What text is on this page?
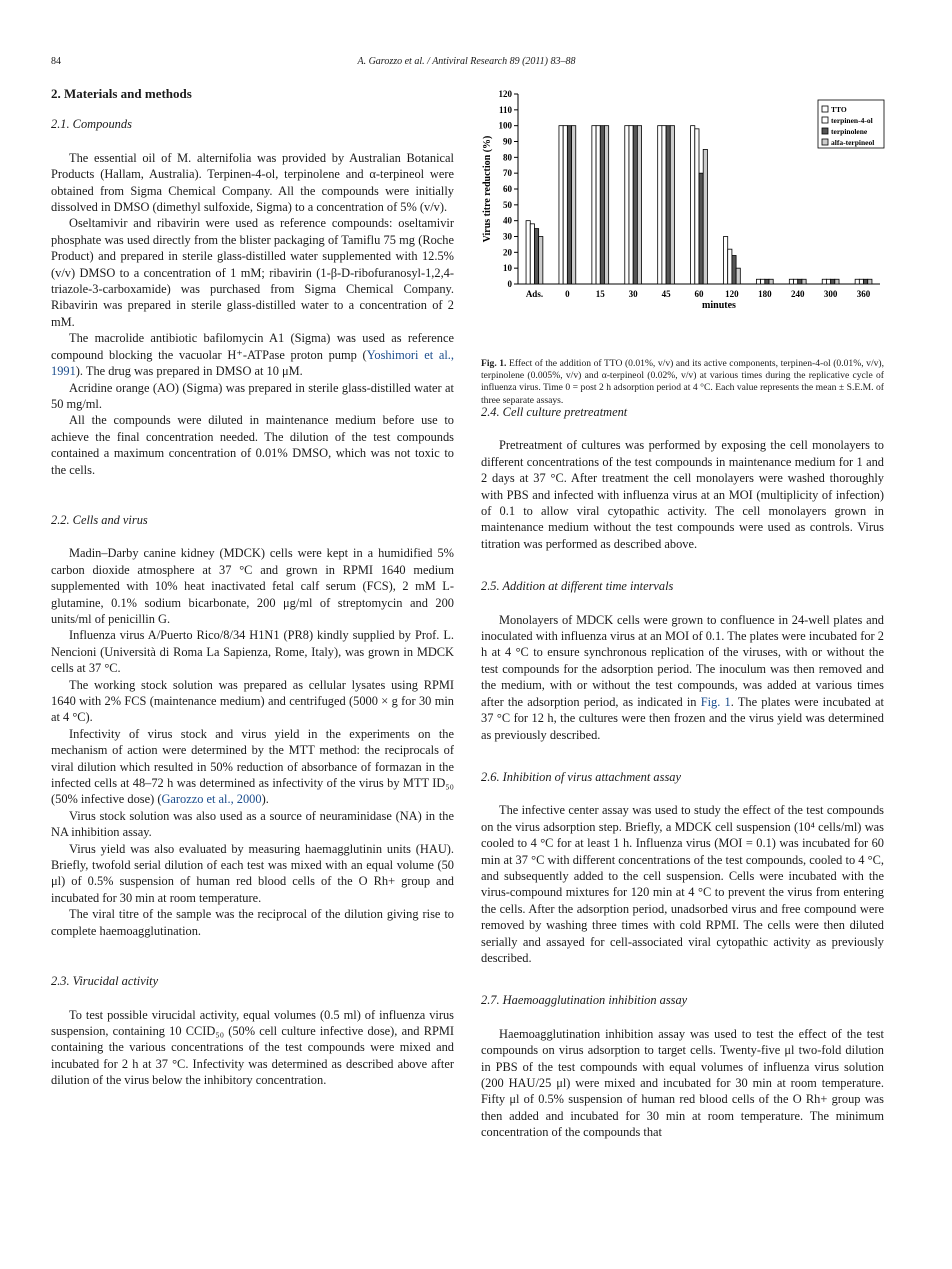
84	A. Garozzo et al. / Antiviral Research 89 (2011) 83–88
2. Materials and methods
2.1. Compounds

The essential oil of M. alternifolia was provided by Australian Botanical Products (Hallam, Australia). Terpinen-4-ol, terpinolene and α-terpineol were obtained from Sigma Chemical Company. All the compounds were initially dissolved in DMSO (dimethyl sulfoxide, Sigma) to a concentration of 5% (v/v).

Oseltamivir and ribavirin were used as reference compounds: oseltamivir phosphate was used directly from the blister packaging of Tamiflu 75 mg (Roche Product) and prepared in sterile glass-distilled water supplemented with 12.5% (v/v) DMSO to a concentration of 1 mM; ribavirin (1-β-D-ribofuranosyl-1,2,4-triazole-3-carboxamide) was purchased from Sigma Chemical Company. Ribavirin was prepared in sterile glass-distilled water to a concentration of 2 mM.

The macrolide antibiotic bafilomycin A1 (Sigma) was used as reference compound blocking the vacuolar H⁺-ATPase proton pump (Yoshimori et al., 1991). The drug was prepared in DMSO at 10 μM.

Acridine orange (AO) (Sigma) was prepared in sterile glass-distilled water at 50 mg/ml.

All the compounds were diluted in maintenance medium before use to achieve the final concentration needed. The dilution of the test compounds contained a maximum concentration of 0.01% DMSO, which was not toxic to the cells.

2.2. Cells and virus

Madin–Darby canine kidney (MDCK) cells were kept in a humidified 5% carbon dioxide atmosphere at 37 °C and grown in RPMI 1640 medium supplemented with 10% heat inactivated fetal calf serum (FCS), 2 mM L-glutamine, 0.1% sodium bicarbonate, 200 μg/ml of streptomycin and 200 units/ml of penicillin G.

Influenza virus A/Puerto Rico/8/34 H1N1 (PR8) kindly supplied by Prof. L. Nencioni (Università di Roma La Sapienza, Rome, Italy), was grown in MDCK cells at 37 °C.

The working stock solution was prepared as cellular lysates using RPMI 1640 with 2% FCS (maintenance medium) and centrifuged (5000 × g for 30 min at 4 °C).

Infectivity of virus stock and virus yield in the experiments on the mechanism of action were determined by the MTT method: the reciprocals of viral dilution which resulted in 50% reduction of absorbance of formazan in the infected cells at 48–72 h was determined as infectivity of the virus by MTT ID₅₀ (50% infective dose) (Garozzo et al., 2000).

Virus stock solution was also used as a source of neuraminidase (NA) in the NA inhibition assay.

Virus yield was also evaluated by measuring haemagglutinin units (HAU). Briefly, twofold serial dilution of each test was mixed with an equal volume (50 μl) of 0.5% suspension of human red blood cells of the O Rh+ group and incubated for 30 min at room temperature.

The viral titre of the sample was the reciprocal of the dilution giving rise to complete haemoagglutination.

2.3. Virucidal activity

To test possible virucidal activity, equal volumes (0.5 ml) of influenza virus suspension, containing 10 CCID₅₀ (50% cell culture infective dose), and RPMI containing the various concentrations of the test compounds were mixed and incubated for 2 h at 37 °C. Infectivity was determined as described above after dilution of the virus below the inhibitory concentration.

Virus titre reduction (%)
0
10
20
30
40
50
60
70
80
90
100
110
120
Ads. 0	15	30	45	60 120 180 240 300 360
minutes
TTO
terpinen-4-ol
terpinolene
alfa-terpineol
Fig. 1. Effect of the addition of TTO (0.01%, v/v) and its active components, terpinen-4-ol (0.01%, v/v), terpinolene (0.005%, v/v) and α-terpineol (0.02%, v/v) at various times during the replicative cycle of influenza virus. Time 0 = post 2 h adsorption period at 4 °C. Each value represents the mean ± S.E.M. of three separate assays.
2.4. Cell culture pretreatment

Pretreatment of cultures was performed by exposing the cell monolayers to different concentrations of the test compounds in maintenance medium for 1 and 2 days at 37 °C. After treatment the cell monolayers were washed thoroughly with PBS and infected with influenza virus at an MOI (multiplicity of infection) of 0.1 to allow viral cytopathic activity. The cell monolayers grown in maintenance medium without the test compounds were used as controls. Virus titration was performed as described above.

2.5. Addition at different time intervals

Monolayers of MDCK cells were grown to confluence in 24-well plates and inoculated with influenza virus at an MOI of 0.1. The plates were incubated for 2 h at 4 °C to ensure synchronous replication of the viruses, with or without the test compounds for the adsorption period. The inoculum was then removed and the medium, with or without the test compounds, was added at various times after the adsorption period, as indicated in Fig. 1. The plates were incubated at 37 °C for 12 h, the cultures were then frozen and the virus yield was determined as previously described.

2.6. Inhibition of virus attachment assay

The infective center assay was used to study the effect of the test compounds on the virus adsorption step. Briefly, a MDCK cell suspension (10⁴ cells/ml) was cooled to 4 °C for at least 1 h. Influenza virus (MOI = 0.1) was incubated for 60 min at 37 °C with different concentrations of the test compounds, cooled to 4 °C, and subsequently added to the cell suspension. Cells were incubated with the virus-compound mixtures for 120 min at 4 °C to prevent the virus from entering the cells. After the adsorption period, unadsorbed virus and free compound were removed by washing three times with cold RPMI. The cells were then diluted serially and assayed for cell-associated viral cytopathic activity as previously described.

2.7. Haemoagglutination inhibition assay

Haemoagglutination inhibition assay was used to test the effect of the test compounds on virus adsorption to target cells. Twenty-five μl two-fold dilution in PBS of the test compounds with equal volumes of influenza virus solution (200 HAU/25 μl) were mixed and incubated for 30 min at room temperature. Fifty μl of 0.5% suspension of human red blood cells of the O Rh+ group was then added and incubated for 30 min at room temperature. The minimum concentration of the compounds that
